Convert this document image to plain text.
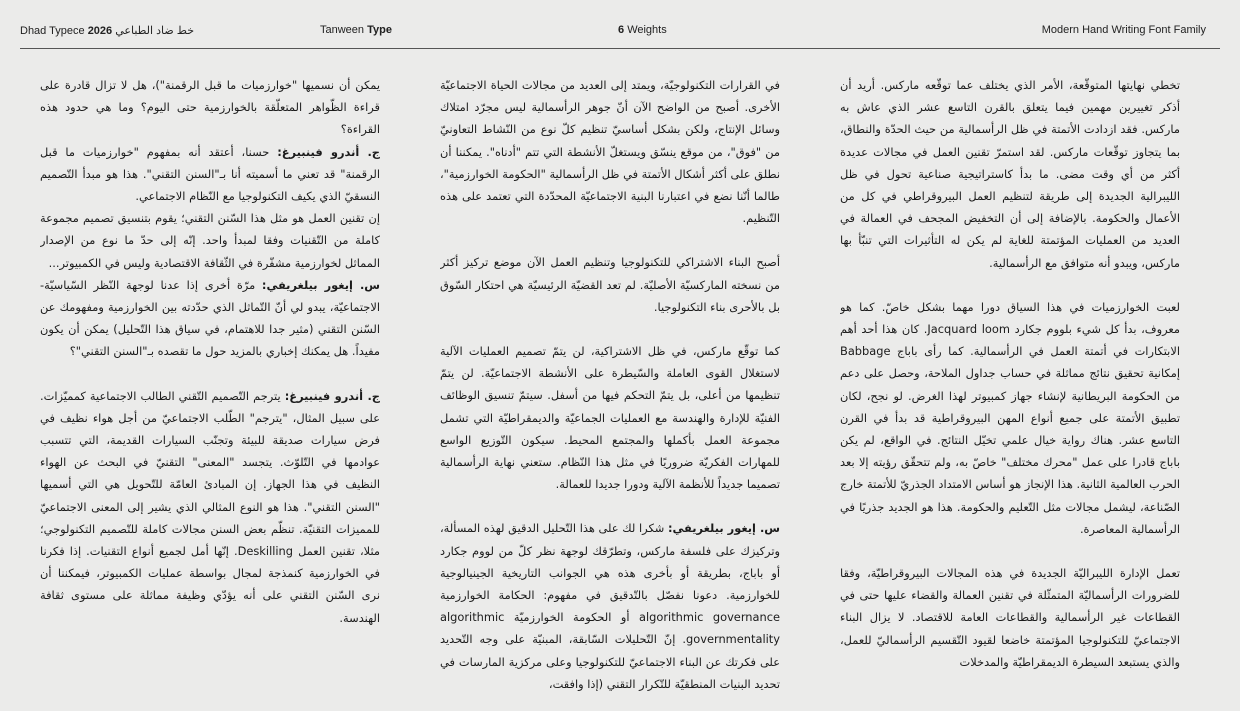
Dhad Typece 2026 خط ضاد الطباعي	Tanween Type	6 Weights	Modern Hand Writing Font Family

تخطي نهايتها المتوقّعة، الأمر الذي يختلف عما توقّعه ماركس. أريد أن أذكر تغييرين مهمين فيما يتعلق بالقرن التاسع عشر الذي عاش به ماركس. فقد ازدادت الأتمتة في ظل الرأسمالية من حيث الحدّة والنطاق، بما يتجاوز توقّعات ماركس. لقد استمرّ تقنين العمل في مجالات عديدة أكثر من أي وقت مضى. ما بدأ كاستراتيجية صناعية تحول في ظل الليبرالية الجديدة إلى طريقة لتنظيم العمل البيروقراطي في كل من الأعمال والحكومة. بالإضافة إلى أن التخفيض المجحف في العمالة في العديد من العمليات المؤتمتة للغاية لم يكن له التأثيرات التي تنبّأ بها ماركس، ويبدو أنه متوافق مع الرأسمالية.

لعبت الخوارزميات في هذا السياق دورا مهما بشكل خاصّ. كما هو معروف، بدأ كل شيء بلووم جكارد Jacquard loom. كان هذا أحد أهم الابتكارات في أتمتة العمل في الرأسمالية. كما رأى باباج Babbage إمكانية تحقيق نتائج مماثلة في حساب جداول الملاحة، وحصل على دعم من الحكومة البريطانية لإنشاء جهاز كمبيوتر لهذا الغرض. لو نجح، لكان تطبيق الأتمتة على جميع أنواع المهن البيروقراطية قد بدأ في القرن التاسع عشر. هناك رواية خيال علمي تخيّل النتائج. في الواقع، لم يكن باباج قادرا على عمل "محرك مختلف" خاصّ به، ولم تتحقّق رؤيته إلا بعد الحرب العالمية الثانية. هذا الإنجاز هو أساس الامتداد الجذريّ للأتمتة خارج الصّناعة، ليشمل مجالات مثل التّعليم والحكومة. هذا هو الجديد جذريًا في الرأسمالية المعاصرة.

تعمل الإدارة الليبراليّة الجديدة في هذه المجالات البيروقراطيّة، وفقا للضرورات الرأسماليّة المتمثّلة في تقنين العمالة والقضاء عليها حتى في القطاعات غير الرأسمالية والقطاعات العامة للاقتصاد. لا يزال البناء الاجتماعيّ للتكنولوجيا المؤتمتة خاضعا لقيود التّقسيم الرأسماليّ للعمل، والذي يستبعد السيطرة الديمقراطيّة والمدخلات

في القرارات التكنولوجيّة، ويمتد إلى العديد من مجالات الحياة الاجتماعيّة الأخرى. أصبح من الواضح الآن أنّ جوهر الرأسمالية ليس مجرّد امتلاك وسائل الإنتاج، ولكن بشكل أساسيّ تنظيم كلّ نوع من النّشاط التعاونيّ من "فوق"، من موقع ينسّق ويستغلّ الأنشطة التي تتم "أدناه". يمكننا أن نطلق على أكثر أشكال الأتمتة في ظل الرأسمالية "الحكومة الخوارزمية"، طالما أنّنا نضع في اعتبارنا البنية الاجتماعيّة المحدّدة التي تعتمد على هذه التّنظيم.

أصبح البناء الاشتراكي للتكنولوجيا وتنظيم العمل الآن موضع تركيز أكثر من نسخته الماركسيّة الأصليّة. لم تعد القضيّة الرئيسيّة هي احتكار السّوق بل بالأحرى بناء التكنولوجيا.

كما توقّع ماركس، في ظل الاشتراكية، لن يتمّ تصميم العمليات الآلية لاستغلال القوى العاملة والسّيطرة على الأنشطة الاجتماعيّة. لن يتمّ تنظيمها من أعلى، بل يتمّ التحكم فيها من أسفل. سيتمّ تنسيق الوظائف الفنيّة للإدارة والهندسة مع العمليات الجماعيّة والديمقراطيّة التي تشمل مجموعة العمل بأكملها والمجتمع المحيط. سيكون التّوزيع الواسع للمهارات الفكريّة ضروريًا في مثل هذا النّظام. ستعني نهاية الرأسمالية تصميما جديداً للأنظمة الآلية ودورا جديدا للعمالة.

س. إيغور بيلغريفي: شكرا لك على هذا التّحليل الدقيق لهذه المسألة، وتركيزك على فلسفة ماركس، وتطرّقك لوجهة نظر كلّ من لووم جكارد أو باباج، بطريقة أو بأخرى هذه هي الجوانب التاريخية الجينيالوجية للخوارزمية. دعونا نفصّل بالتّدقيق في مفهوم: الحكامة الخوارزمية algorithmic governance أو الحكومة الخوارزميّة algorithmic governmentality. إنّ التّحليلات السّابقة، المبنيّة على وجه التّحديد على فكرتك عن البناء الاجتماعيّ للتكنولوجيا وعلى مركزية المارسات في تحديد البنيات المنطقيّة للتّكرار التقني (إذا وافقت،

يمكن أن نسميها "خوارزميات ما قبل الرقمنة")، هل لا تزال قادرة على قراءة الظّواهر المتعلّقة بالخوارزمية حتى اليوم؟ وما هي حدود هذه القراءة؟

ج. أندرو فينبيرغ: حسنا، أعتقد أنه بمفهوم "خوارزميات ما قبل الرقمنة" قد تعني ما أسميته أنا بـ"السنن التقني". هذا هو مبدأ التّصميم النسقيّ الذي يكيف التكنولوجيا مع النّظام الاجتماعي.

إن تقنين العمل هو مثل هذا السّنن التقني؛ يقوم بتنسيق تصميم مجموعة كاملة من التّقنيات وفقا لمبدأ واحد. إنّه إلى حدّ ما نوع من الإصدار المماثل لخوارزمية مشفّرة في الثّقافة الاقتصادية وليس في الكمبيوتر...

س. إيغور بيلغريفي: مرّة أخرى إذا عدنا لوجهة النّظر السّياسيّة-الاجتماعيّة، يبدو لي أنّ التّماثل الذي حدّدته بين الخوارزمية ومفهومك عن السّنن التقني (مثير جدا للاهتمام، في سياق هذا التّحليل) يمكن أن يكون مفيداً. هل يمكنك إخباري بالمزيد حول ما تقصده بـ"السنن التقني"؟

ج. أندرو فينبيرغ: يترجم التّصميم التّقني الطالب الاجتماعية كمميّزات. على سبيل المثال، "يترجم" الطّلب الاجتماعيّ من أجل هواء نظيف في فرض سيارات صديقة للبيئة وتجنّب السيارات القديمة، التي تتسبب عوادمها في التّلوّث. يتجسد "المعنى" التقنيّ في البحث عن الهواء النظيف في هذا الجهاز. إن المبادئ العامّة للتّحويل هي التي أسميها "السنن التقني". هذا هو النوع المثالي الذي يشير إلى المعنى الاجتماعيّ للمميزات التقنيّة. تنظّم بعض السنن مجالات كاملة للتّصميم التكنولوجي؛ مثلا، تقنين العمل Deskilling. إنّها أمل لجميع أنواع التقنيات. إذا فكرنا في الخوارزمية كنمذجة لمجال بواسطة عمليات الكمبيوتر، فيمكننا أن نرى السّنن التقني على أنه يؤدّي وظيفة مماثلة على مستوى ثقافة الهندسة.
